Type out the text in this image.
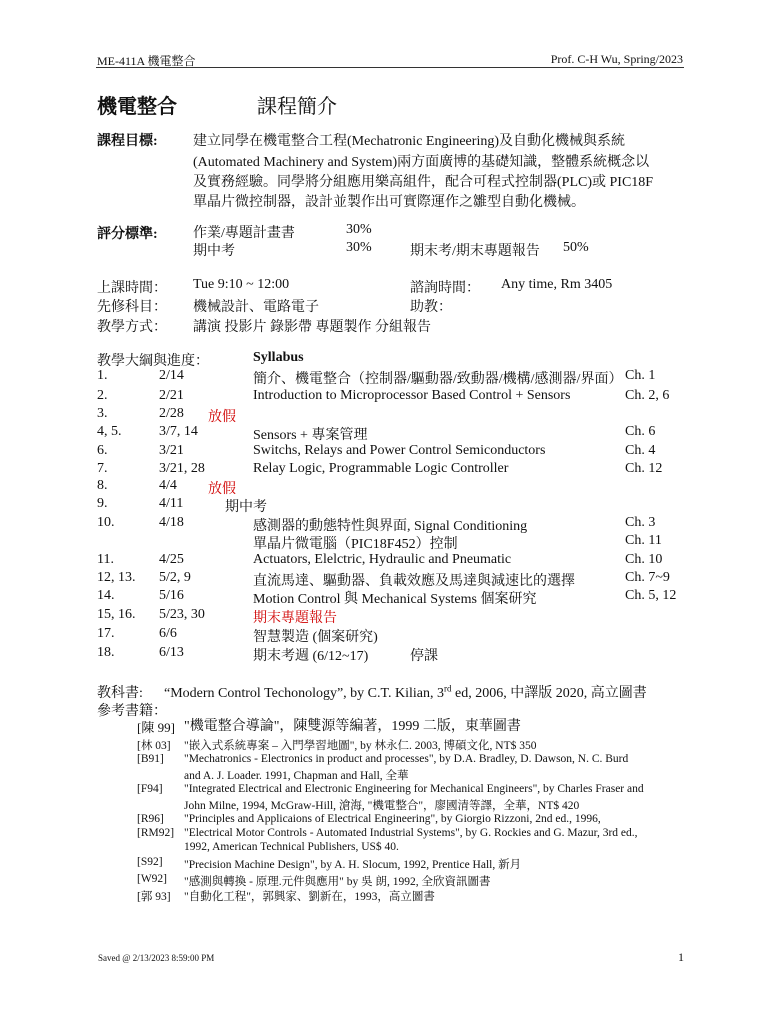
ME-411A 機電整合	Prof. C-H Wu, Spring/2023
機電整合	課程簡介
課程目標:	建立同學在機電整合工程(Mechatronic Engineering)及自動化機械與系統
(Automated Machinery and System)兩方面廣博的基礎知識，整體系統概念以
及實務經驗。同學將分組應用樂高組件，配合可程式控制器(PLC)或 PIC18F
單晶片微控制器，設計並製作出可實際運作之雛型自動化機械。
評分標準:	作業/專題計畫書	30%
期中考	30%	期末考/期末專題報告 50%
上課時間： Tue 9:10 ~ 12:00	諮詢時間： Any time, Rm 3405
先修科目： 機械設計、電路電子	助教：
教學方式： 講演 投影片 錄影帶 專題製作 分組報告
教學大綱與進度：	Syllabus
1.	2/14	簡介、機電整合（控制器/驅動器/致動器/機構/感測器/界面） Ch. 1
2.	2/21	Introduction to Microprocessor Based Control + Sensors	Ch. 2, 6
3.	2/28 放假
4, 5.	3/7, 14	Sensors + 專案管理	Ch. 6
6.	3/21	Switchs, Relays and Power Control Semiconductors	Ch. 4
7.	3/21, 28	Relay Logic, Programmable Logic Controller	Ch. 12
8.	4/4 放假
9.	4/11	期中考
10.	4/18	感測器的動態特性與界面, Signal Conditioning	Ch. 3
單晶片微電腦（PIC18F452）控制	Ch. 11
11.	4/25	Actuators, Elelctric, Hydraulic and Pneumatic	Ch. 10
12, 13. 5/2, 9	直流馬達、驅動器、負載效應及馬達與減速比的選擇	Ch. 7~9
14.	5/16	Motion Control 與 Mechanical Systems 個案研究	Ch. 5, 12
15, 16. 5/23, 30	期末專題報告
17.	6/6	智慧製造 (個案研究)
18.	6/13	期末考週 (6/12~17)	停課
教科書: “Modern Control Techonology”, by C.T. Kilian, 3rd ed, 2006, 中譯版 2020, 高立圖書
參考書籍：
[陳 99] "機電整合導論"，陳雙源等編著，1999 二版，東華圖書
[林 03] "嵌入式系統專案 – 入門學習地圖", by 林永仁. 2003, 博碩文化, NT$ 350
[B91] "Mechatronics - Electronics in product and processes", by D.A. Bradley, D. Dawson, N. C. Burd
and A. J. Loader. 1991, Chapman and Hall, 全華
[F94] "Integrated Electrical and Electronic Engineering for Mechanical Engineers", by Charles Fraser and
John Milne, 1994, McGraw-Hill, 滄海, "機電整合"，廖國清等譯，全華，NT$ 420
[R96] "Principles and Applicaions of Electrical Engineering", by Giorgio Rizzoni, 2nd ed., 1996,
[RM92] "Electrical Motor Controls - Automated Industrial Systems", by G. Rockies and G. Mazur, 3rd ed.,
1992, American Technical Publishers, US$ 40.
[S92] "Precision Machine Design", by A. H. Slocum, 1992, Prentice Hall, 新月
[W92] "感測與轉換 - 原理.元件與應用" by 吳 朗, 1992, 全欣資訊圖書
[郭 93] "自動化工程"，郭興家、劉新在，1993，高立圖書
Saved @ 2/13/2023 8:59:00 PM	1
